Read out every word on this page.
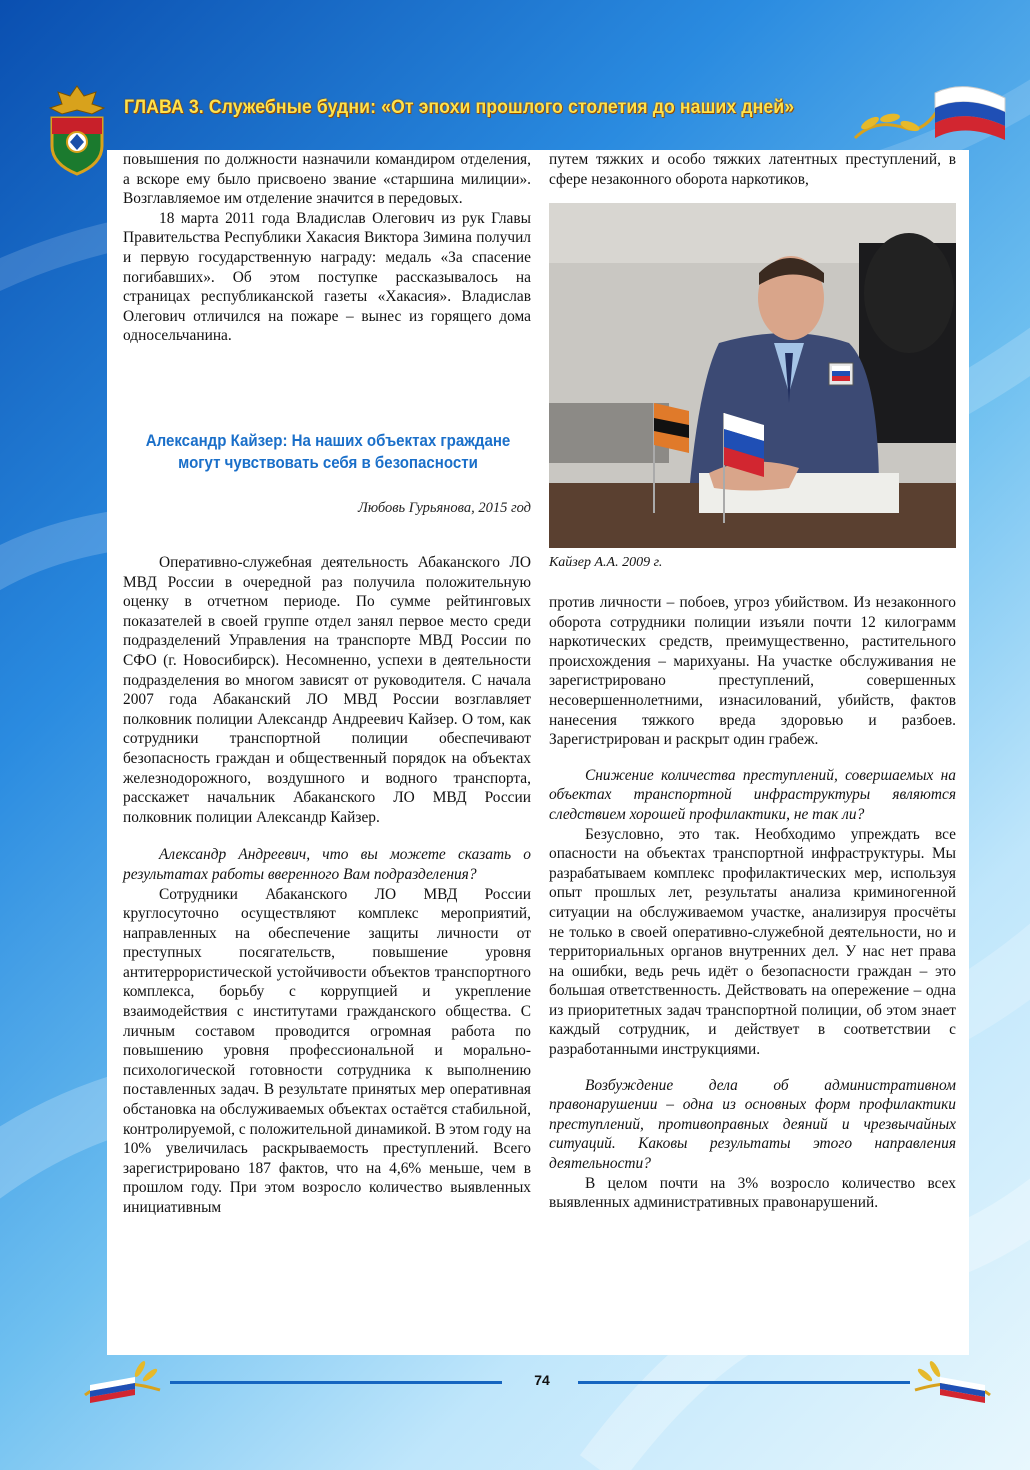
ГЛАВА 3. Служебные будни: «От эпохи прошлого столетия до наших дней»

повышения по должности назначили командиром отделения, а вскоре ему было присвоено звание «старшина милиции». Возглавляемое им отделение значится в передовых.

18 марта 2011 года Владислав Олегович из рук Главы Правительства Республики Хакасия Виктора Зимина получил и первую государственную награду: медаль «За спасение погибавших». Об этом поступке рассказывалось на страницах республиканской газеты «Хакасия». Владислав Олегович отличился на пожаре – вынес из горящего дома односельчанина.

Александр Кайзер: На наших объектах граждане могут чувствовать себя в безопасности
Любовь Гурьянова, 2015 год

Оперативно-служебная деятельность Абаканского ЛО МВД России в очередной раз получила положительную оценку в отчетном периоде. По сумме рейтинговых показателей в своей группе отдел занял первое место среди подразделений Управления на транспорте МВД России по СФО (г. Новосибирск). Несомненно, успехи в деятельности подразделения во многом зависят от руководителя. С начала 2007 года Абаканский ЛО МВД России возглавляет полковник полиции Александр Андреевич Кайзер. О том, как сотрудники транспортной полиции обеспечивают безопасность граждан и общественный порядок на объектах железнодорожного, воздушного и водного транспорта, расскажет начальник Абаканского ЛО МВД России полковник полиции Александр Кайзер.

Александр Андреевич, что вы можете сказать о результатах работы вверенного Вам подразделения?

Сотрудники Абаканского ЛО МВД России круглосуточно осуществляют комплекс мероприятий, направленных на обеспечение защиты личности от преступных посягательств, повышение уровня антитеррористической устойчивости объектов транспортного комплекса, борьбу с коррупцией и укрепление взаимодействия с институтами гражданского общества. С личным составом проводится огромная работа по повышению уровня профессиональной и морально-психологической готовности сотрудника к выполнению поставленных задач. В результате принятых мер оперативная обстановка на обслуживаемых объектах остаётся стабильной, контролируемой, с положительной динамикой. В этом году на 10% увеличилась раскрываемость преступлений. Всего зарегистрировано 187 фактов, что на 4,6% меньше, чем в прошлом году. При этом возросло количество выявленных инициативным

путем тяжких и особо тяжких латентных преступлений, в сфере незаконного оборота наркотиков,

Кайзер А.А. 2009 г.

против личности – побоев, угроз убийством. Из незаконного оборота сотрудники полиции изъяли почти 12 килограмм наркотических средств, преимущественно, растительного происхождения – марихуаны. На участке обслуживания не зарегистрировано преступлений, совершенных несовершеннолетними, изнасилований, убийств, фактов нанесения тяжкого вреда здоровью и разбоев. Зарегистрирован и раскрыт один грабеж.

Снижение количества преступлений, совершаемых на объектах транспортной инфраструктуры являются следствием хорошей профилактики, не так ли?

Безусловно, это так. Необходимо упреждать все опасности на объектах транспортной инфраструктуры. Мы разрабатываем комплекс профилактических мер, используя опыт прошлых лет, результаты анализа криминогенной ситуации на обслуживаемом участке, анализируя просчёты не только в своей оперативно-служебной деятельности, но и территориальных органов внутренних дел. У нас нет права на ошибки, ведь речь идёт о безопасности граждан – это большая ответственность. Действовать на опережение – одна из приоритетных задач транспортной полиции, об этом знает каждый сотрудник, и действует в соответствии с разработанными инструкциями.

Возбуждение дела об административном правонарушении – одна из основных форм профилактики преступлений, противоправных деяний и чрезвычайных ситуаций. Каковы результаты этого направления деятельности?

В целом почти на 3% возросло количество всех выявленных административных правонарушений.

74
